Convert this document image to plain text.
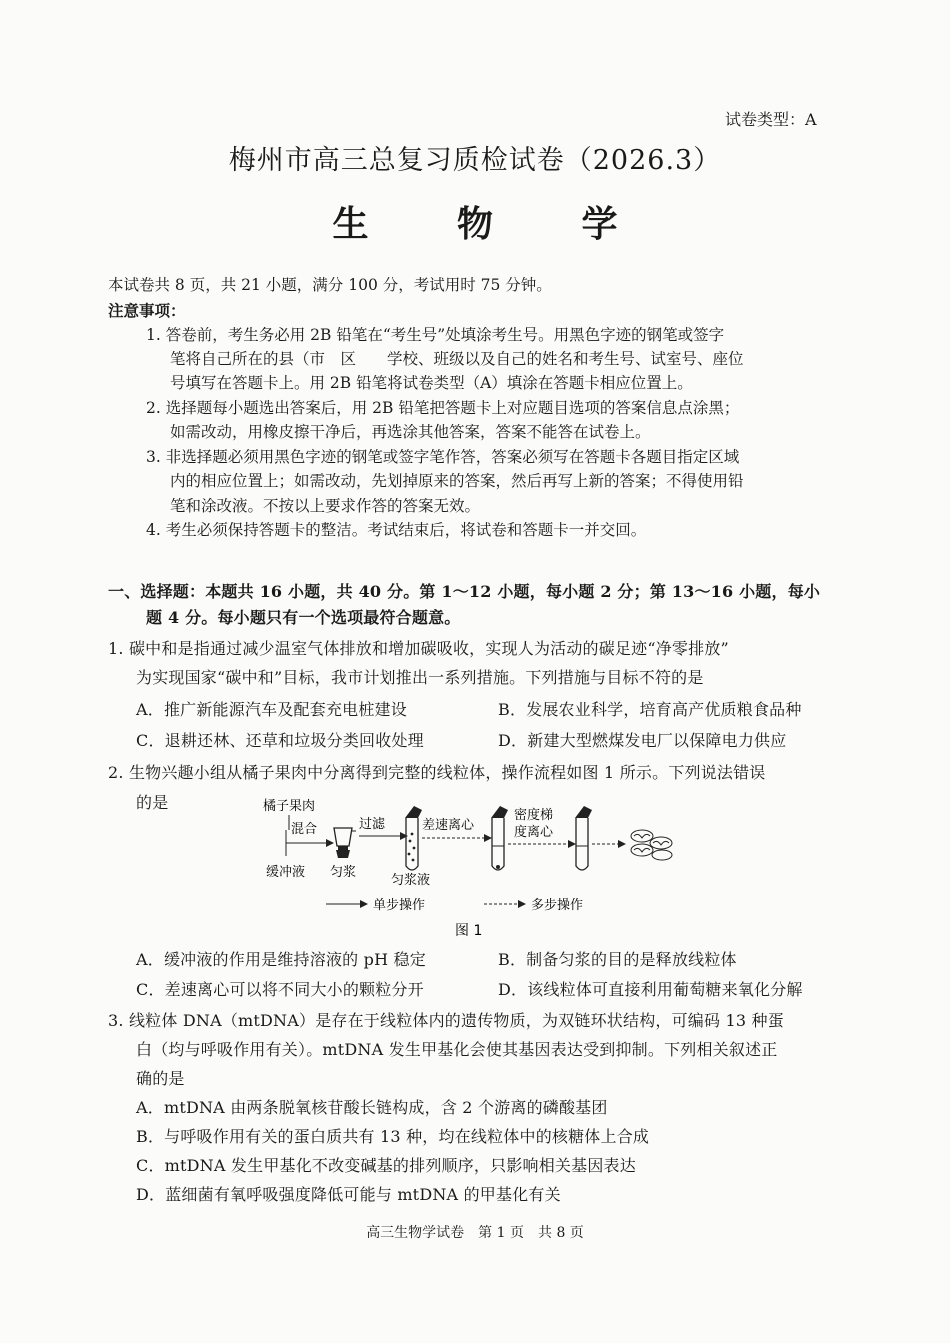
试卷类型：A
梅州市高三总复习质检试卷（2026.3）
生 物 学
本试卷共 8 页，共 21 小题，满分 100 分，考试用时 75 分钟。
注意事项：
1. 答卷前，考生务必用 2B 铅笔在“考生号”处填涂考生号。用黑色字迹的钢笔或签字
笔将自己所在的县（市　区　　学校、班级以及自己的姓名和考生号、试室号、座位
号填写在答题卡上。用 2B 铅笔将试卷类型（A）填涂在答题卡相应位置上。
2. 选择题每小题选出答案后，用 2B 铅笔把答题卡上对应题目选项的答案信息点涂黑；
如需改动，用橡皮擦干净后，再选涂其他答案，答案不能答在试卷上。
3. 非选择题必须用黑色字迹的钢笔或签字笔作答，答案必须写在答题卡各题目指定区域
内的相应位置上；如需改动，先划掉原来的答案，然后再写上新的答案；不得使用铅
笔和涂改液。不按以上要求作答的答案无效。
4. 考生必须保持答题卡的整洁。考试结束后，将试卷和答题卡一并交回。
一、选择题：本题共 16 小题，共 40 分。第 1～12 小题，每小题 2 分；第 13～16 小题，每小
题 4 分。每小题只有一个选项最符合题意。
1. 碳中和是指通过减少温室气体排放和增加碳吸收，实现人为活动的碳足迹“净零排放”
为实现国家“碳中和”目标，我市计划推出一系列措施。下列措施与目标不符的是
A．推广新能源汽车及配套充电桩建设	B．发展农业科学，培育高产优质粮食品种
C．退耕还林、还草和垃圾分类回收处理	D．新建大型燃煤发电厂以保障电力供应
2. 生物兴趣小组从橘子果肉中分离得到完整的线粒体，操作流程如图 1 所示。下列说法错误
的是	橘子果肉
混合
缓冲液 匀浆
过滤
匀浆液
差速离心
密度梯
度离心
单步操作	多步操作
图 1
A．缓冲液的作用是维持溶液的 pH 稳定	B．制备匀浆的目的是释放线粒体
C．差速离心可以将不同大小的颗粒分开	D．该线粒体可直接利用葡萄糖来氧化分解
3. 线粒体 DNA（mtDNA）是存在于线粒体内的遗传物质，为双链环状结构，可编码 13 种蛋
白（均与呼吸作用有关）。mtDNA 发生甲基化会使其基因表达受到抑制。下列相关叙述正
确的是
A．mtDNA 由两条脱氧核苷酸长链构成，含 2 个游离的磷酸基团
B．与呼吸作用有关的蛋白质共有 13 种，均在线粒体中的核糖体上合成
C．mtDNA 发生甲基化不改变碱基的排列顺序，只影响相关基因表达
D．蓝细菌有氧呼吸强度降低可能与 mtDNA 的甲基化有关
高三生物学试卷　第 1 页　共 8 页
